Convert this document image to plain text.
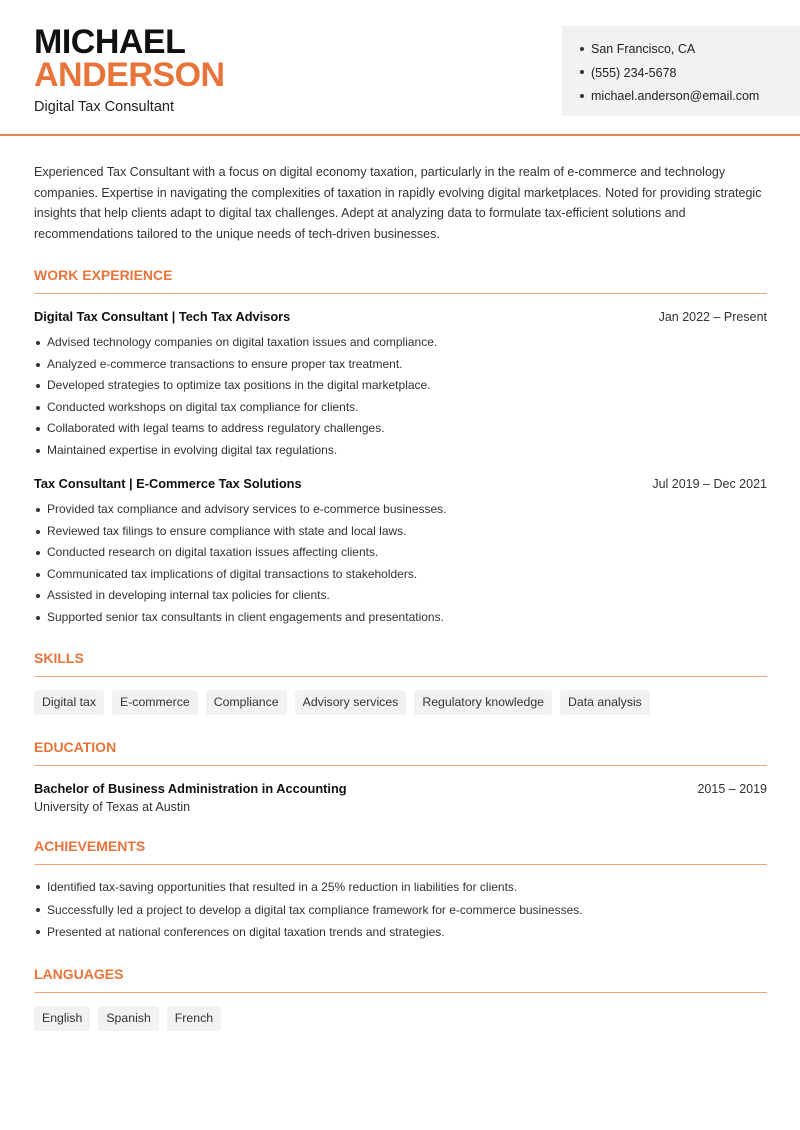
MICHAEL
ANDERSON
Digital Tax Consultant
San Francisco, CA
(555) 234-5678
michael.anderson@email.com

Experienced Tax Consultant with a focus on digital economy taxation, particularly in the realm of e-commerce and technology companies. Expertise in navigating the complexities of taxation in rapidly evolving digital marketplaces. Noted for providing strategic insights that help clients adapt to digital tax challenges. Adept at analyzing data to formulate tax-efficient solutions and recommendations tailored to the unique needs of tech-driven businesses.

WORK EXPERIENCE
Digital Tax Consultant | Tech Tax Advisors	Jan 2022 – Present
Advised technology companies on digital taxation issues and compliance.
Analyzed e-commerce transactions to ensure proper tax treatment.
Developed strategies to optimize tax positions in the digital marketplace.
Conducted workshops on digital tax compliance for clients.
Collaborated with legal teams to address regulatory challenges.
Maintained expertise in evolving digital tax regulations.
Tax Consultant | E-Commerce Tax Solutions	Jul 2019 – Dec 2021
Provided tax compliance and advisory services to e-commerce businesses.
Reviewed tax filings to ensure compliance with state and local laws.
Conducted research on digital taxation issues affecting clients.
Communicated tax implications of digital transactions to stakeholders.
Assisted in developing internal tax policies for clients.
Supported senior tax consultants in client engagements and presentations.
SKILLS
Digital tax	E-commerce	Compliance	Advisory services	Regulatory knowledge	Data analysis
EDUCATION
Bachelor of Business Administration in Accounting	2015 – 2019
University of Texas at Austin
ACHIEVEMENTS
Identified tax-saving opportunities that resulted in a 25% reduction in liabilities for clients.
Successfully led a project to develop a digital tax compliance framework for e-commerce businesses.
Presented at national conferences on digital taxation trends and strategies.
LANGUAGES
English	Spanish	French
